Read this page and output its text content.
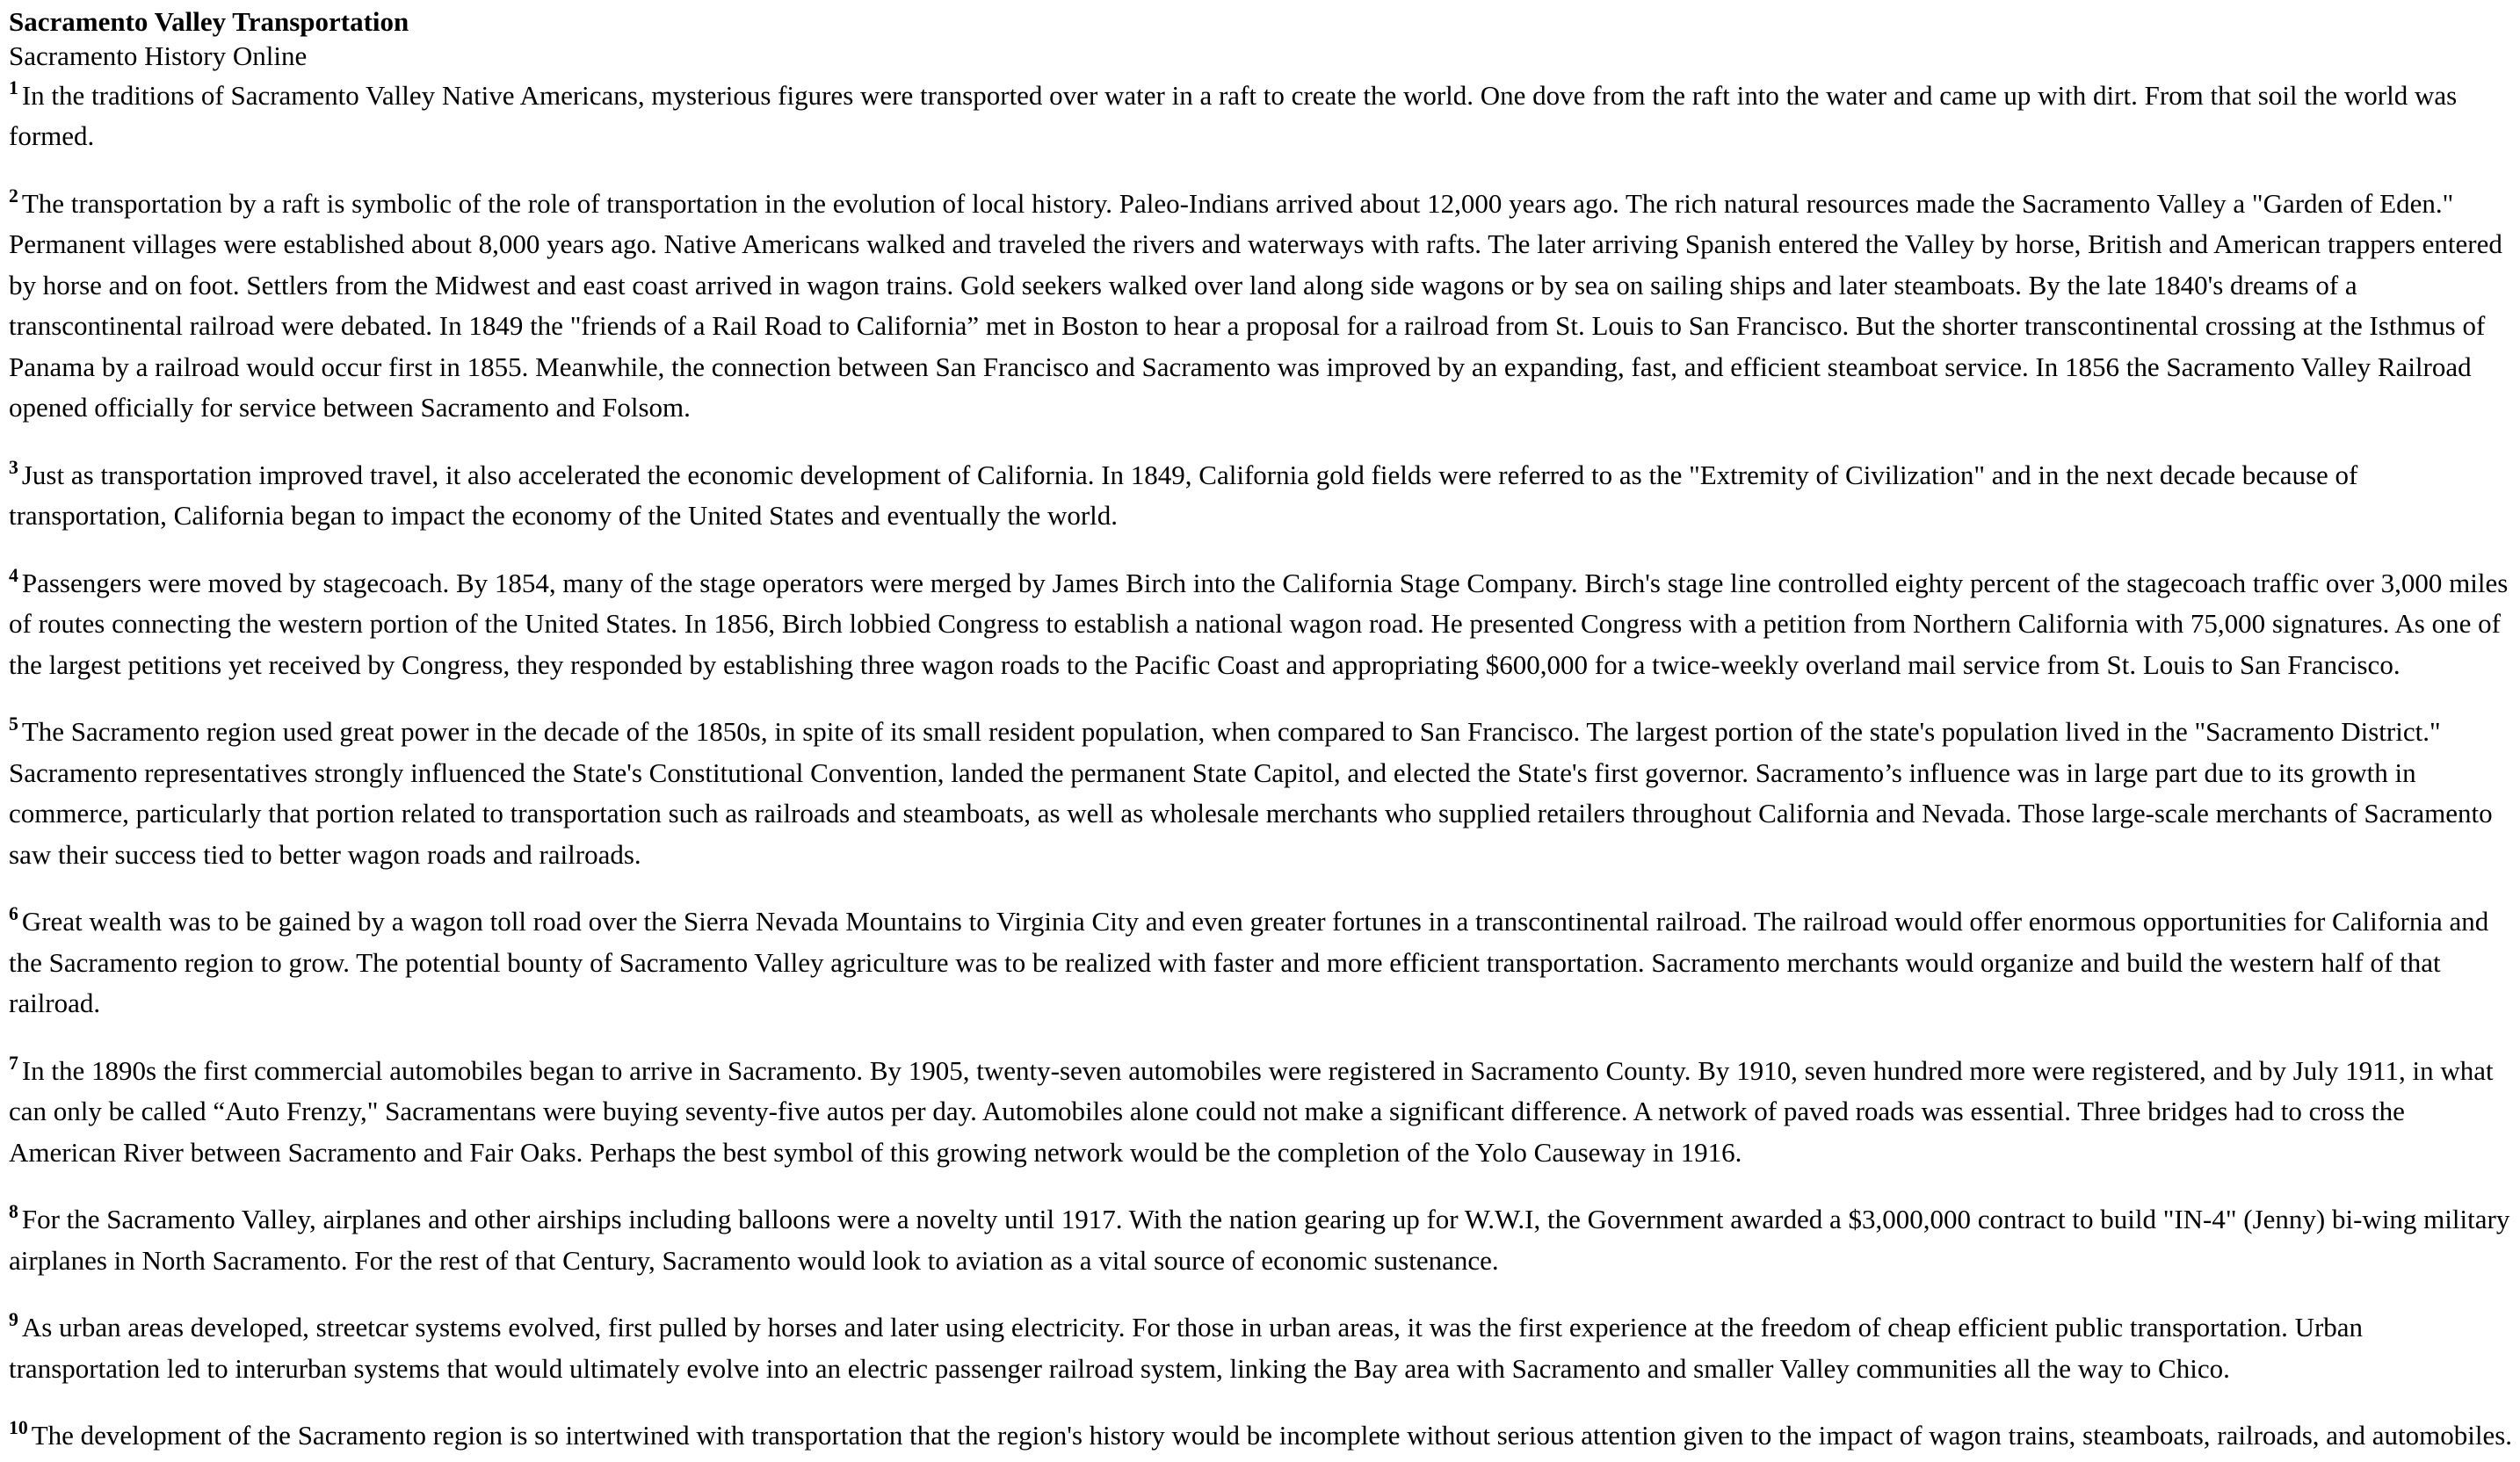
Sacramento Valley Transportation
Sacramento History Online

$^1$ In the traditions of Sacramento Valley Native Americans, mysterious figures were transported over water in a raft to create the world. One dove from the raft into the water and came up with dirt. From that soil the world was formed.

$^2$ The transportation by a raft is symbolic of the role of transportation in the evolution of local history. Paleo-Indians arrived about 12,000 years ago. The rich natural resources made the Sacramento Valley a "Garden of Eden." Permanent villages were established about 8,000 years ago. Native Americans walked and traveled the rivers and waterways with rafts. The later arriving Spanish entered the Valley by horse, British and American trappers entered by horse and on foot. Settlers from the Midwest and east coast arrived in wagon trains. Gold seekers walked over land along side wagons or by sea on sailing ships and later steamboats. By the late 1840's dreams of a transcontinental railroad were debated. In 1849 the "friends of a Rail Road to California” met in Boston to hear a proposal for a railroad from St. Louis to San Francisco. But the shorter transcontinental crossing at the Isthmus of Panama by a railroad would occur first in 1855. Meanwhile, the connection between San Francisco and Sacramento was improved by an expanding, fast, and efficient steamboat service. In 1856 the Sacramento Valley Railroad opened officially for service between Sacramento and Folsom.

$^3$ Just as transportation improved travel, it also accelerated the economic development of California. In 1849, California gold fields were referred to as the "Extremity of Civilization" and in the next decade because of transportation, California began to impact the economy of the United States and eventually the world.

$^4$ Passengers were moved by stagecoach. By 1854, many of the stage operators were merged by James Birch into the California Stage Company. Birch's stage line controlled eighty percent of the stagecoach traffic over 3,000 miles of routes connecting the western portion of the United States. In 1856, Birch lobbied Congress to establish a national wagon road. He presented Congress with a petition from Northern California with 75,000 signatures. As one of the largest petitions yet received by Congress, they responded by establishing three wagon roads to the Pacific Coast and appropriating $600,000 for a twice-weekly overland mail service from St. Louis to San Francisco.

$^5$ The Sacramento region used great power in the decade of the 1850s, in spite of its small resident population, when compared to San Francisco. The largest portion of the state's population lived in the "Sacramento District." Sacramento representatives strongly influenced the State's Constitutional Convention, landed the permanent State Capitol, and elected the State's first governor. Sacramento’s influence was in large part due to its growth in commerce, particularly that portion related to transportation such as railroads and steamboats, as well as wholesale merchants who supplied retailers throughout California and Nevada. Those large-scale merchants of Sacramento saw their success tied to better wagon roads and railroads.

$^6$ Great wealth was to be gained by a wagon toll road over the Sierra Nevada Mountains to Virginia City and even greater fortunes in a transcontinental railroad. The railroad would offer enormous opportunities for California and the Sacramento region to grow. The potential bounty of Sacramento Valley agriculture was to be realized with faster and more efficient transportation. Sacramento merchants would organize and build the western half of that railroad.

$^7$ In the 1890s the first commercial automobiles began to arrive in Sacramento. By 1905, twenty-seven automobiles were registered in Sacramento County. By 1910, seven hundred more were registered, and by July 1911, in what can only be called “Auto Frenzy," Sacramentans were buying seventy-five autos per day. Automobiles alone could not make a significant difference. A network of paved roads was essential. Three bridges had to cross the American River between Sacramento and Fair Oaks. Perhaps the best symbol of this growing network would be the completion of the Yolo Causeway in 1916.

$^8$ For the Sacramento Valley, airplanes and other airships including balloons were a novelty until 1917. With the nation gearing up for W.W.I, the Government awarded a $3,000,000 contract to build "IN-4" (Jenny) bi-wing military airplanes in North Sacramento. For the rest of that Century, Sacramento would look to aviation as a vital source of economic sustenance.

$^9$ As urban areas developed, streetcar systems evolved, first pulled by horses and later using electricity. For those in urban areas, it was the first experience at the freedom of cheap efficient public transportation. Urban transportation led to interurban systems that would ultimately evolve into an electric passenger railroad system, linking the Bay area with Sacramento and smaller Valley communities all the way to Chico.

$^{10}$ The development of the Sacramento region is so intertwined with transportation that the region's history would be incomplete without serious attention given to the impact of wagon trains, steamboats, railroads, and automobiles.
